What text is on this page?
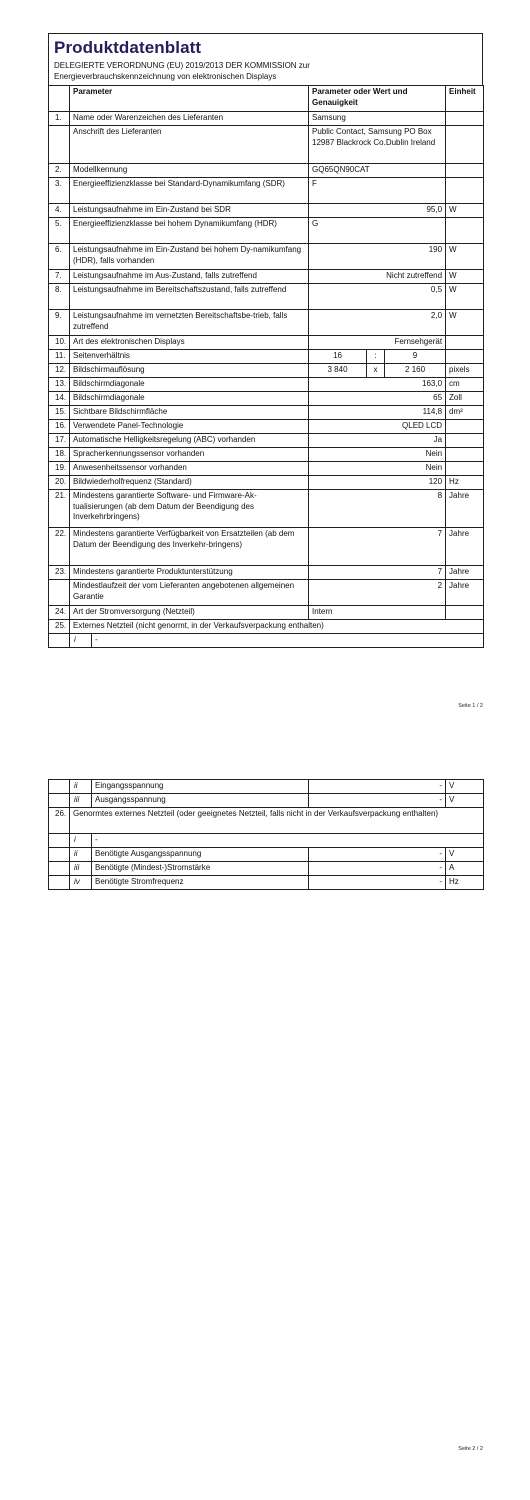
Produktdatenblatt
DELEGIERTE VERORDNUNG (EU) 2019/2013 DER KOMMISSION zur
Energieverbrauchskennzeichnung von elektronischen Displays
	Parameter		Parameter oder Wert und Genauigkeit			Einheit
1.	Name oder Warenzeichen des Lieferanten		Samsung			
	Anschrift des Lieferanten		Public Contact, Samsung PO Box 12987 Blackrock Co.Dublin Ireland			
2.	Modellkennung		GQ65QN90CAT			
3.	Energieeffizienzklasse bei Standard-Dynamikumfang (SDR)		F			
4.	Leistungsaufnahme im Ein-Zustand bei SDR		95,0			W
5.	Energieeffizienzklasse bei hohem Dynamikumfang (HDR)		G			
6.	Leistungsaufnahme im Ein-Zustand bei hohem Dy-namikumfang (HDR), falls vorhanden		190			W
7.	Leistungsaufnahme im Aus-Zustand, falls zutreffend		Nicht zutreffend			W
8.	Leistungsaufnahme im Bereitschaftszustand, falls zutreffend		0,5			W
9.	Leistungsaufnahme im vernetzten Bereitschaftsbe-trieb, falls zutreffend		2,0			W
10.	Art des elektronischen Displays		Fernsehgerät			
11.	Seitenverhältnis		16	:	9	
12.	Bildschirmauflösung		3 840	x	2 160	pixels
13.	Bildschirmdiagonale		163,0			cm
14.	Bildschirmdiagonale		65			Zoll
15.	Sichtbare Bildschirmfläche		114,8			dm²
16.	Verwendete Panel-Technologie		QLED LCD			
17.	Automatische Helligkeitsregelung (ABC) vorhanden		Ja			
18.	Spracherkennungssensor vorhanden		Nein			
19.	Anwesenheitssensor vorhanden		Nein			
20.	Bildwiederholfrequenz (Standard)		120			Hz
21.	Mindestens garantierte Software- und Firmware-Ak-tualisierungen (ab dem Datum der Beendigung des Inverkehrbringens)		8			Jahre
22.	Mindestens garantierte Verfügbarkeit von Ersatzteilen (ab dem Datum der Beendigung des Inverkehr-bringens)		7			Jahre
23.	Mindestens garantierte Produktunterstützung		7			Jahre
	Mindestlaufzeit der vom Lieferanten angebotenen allgemeinen Garantie		2			Jahre
24.	Art der Stromversorgung (Netzteil)		Intern			
25.	Externes Netzteil (nicht genormt, in der Verkaufsverpackung enthalten)					
	i	-				
Seite 1 / 2
	ii	Eingangsspannung	-	V
	iii	Ausgangsspannung	-	V
26.	Genormtes externes Netzteil (oder geeignetes Netzteil, falls nicht in der Verkaufsverpackung enthalten)			
	i	-		
	ii	Benötigte Ausgangsspannung	-	V
	iii	Benötigte (Mindest-)Stromstärke	-	A
	iv	Benötigte Stromfrequenz	-	Hz
Seite 2 / 2
